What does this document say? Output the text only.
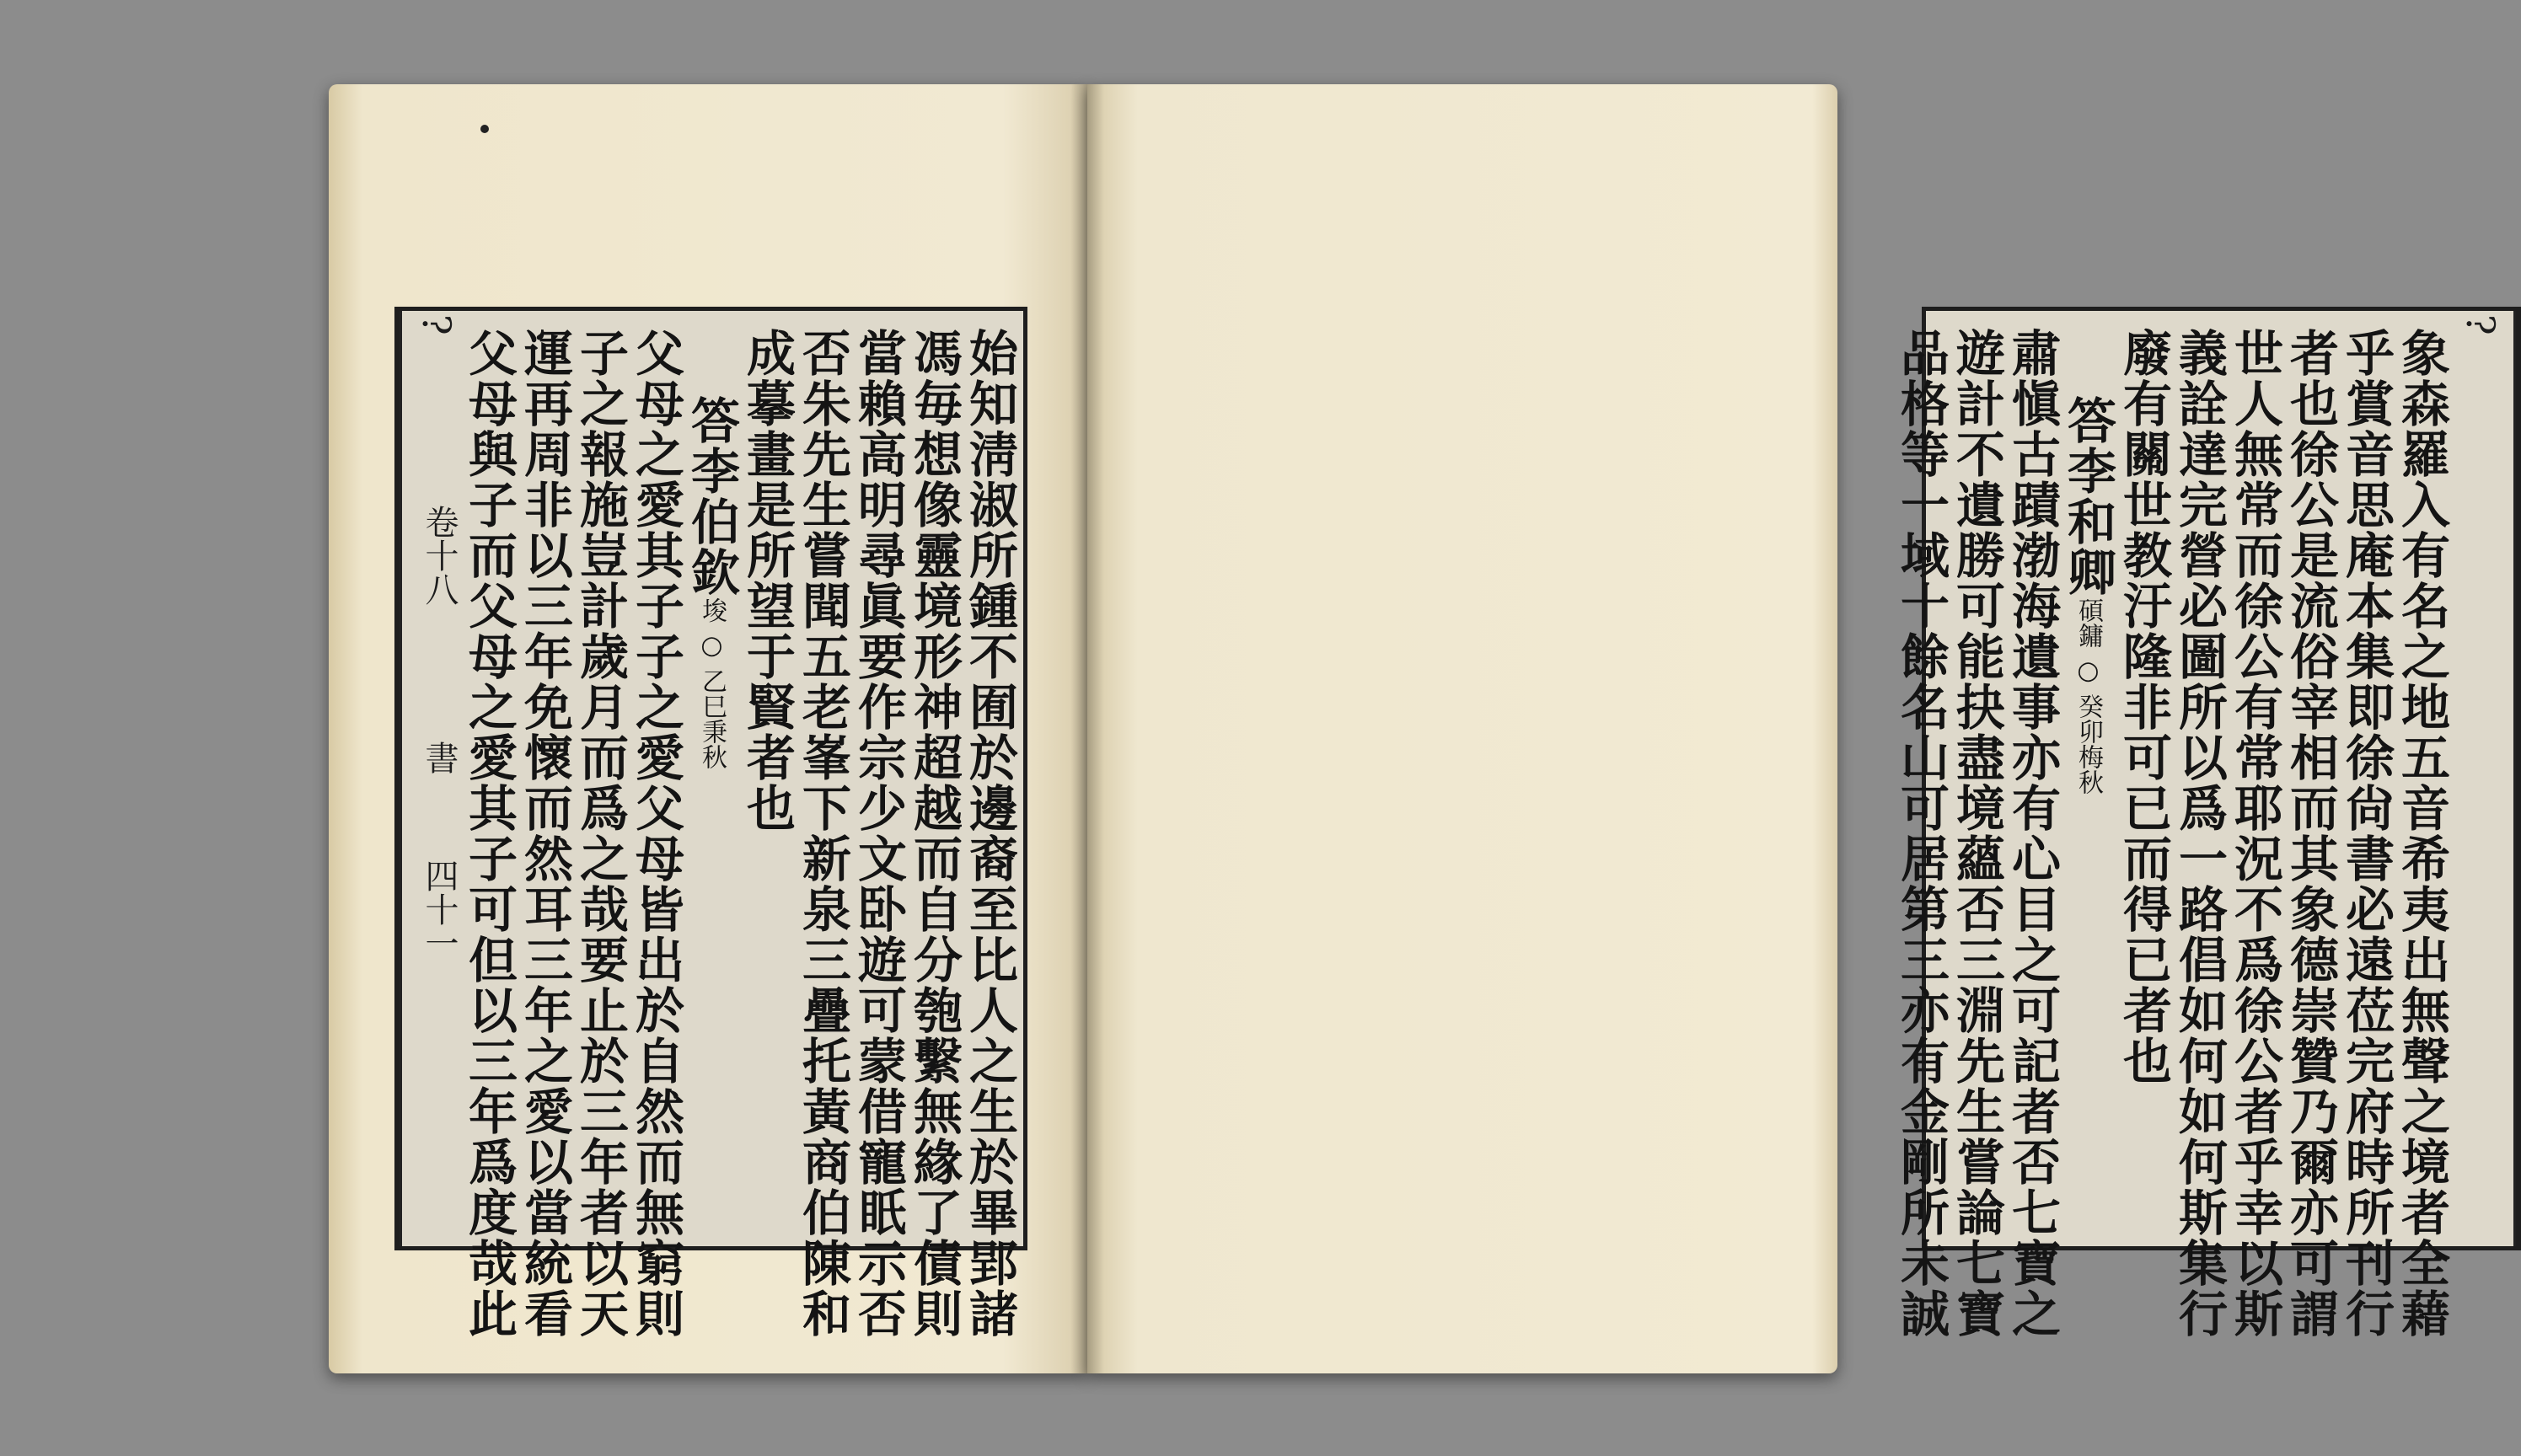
始知淸淑所鍾不囿於邊裔至比人之生於畢郢諸
馮毎想像靈境形神超越而自分匏繫無緣了債則
當賴高明尋眞要作宗少文卧遊可蒙借寵眂示否
否朱先生嘗聞五老峯下新泉三疊托黃商伯陳和
成摹畫是所望于賢者也
答李伯欽埈 ○ 乙巳秉秋
父母之愛其子子之愛父母皆出於自然而無窮則
子之報施豈計歲月而爲之哉要止於三年者以天
運再周非以三年免懷而然耳三年之愛以當統看
父母與子而父母之愛其子可但以三年爲度哉此
?
卷十八
書
四十一
?
象森羅入有名之地五音希夷出無聲之境者全藉
乎賞音思庵本集即徐尙書必遠莅完府時所刊行
者也徐公是流俗宰相而其象德崇贊乃爾亦可謂
世人無常而徐公有常耶況不爲徐公者乎幸以斯
義詮達完營必圖所以爲一路倡如何如何斯集行
廢有關世教汙隆非可已而得已者也
答李和卿碩鏞 ○ 癸卯梅秋
肅愼古蹟渤海遺事亦有心目之可記者否七寶之
遊計不遺勝可能抉盡境蘊否三淵先生嘗論七寶
品格等一域十餘名山可居第三亦有金剛所未誠
